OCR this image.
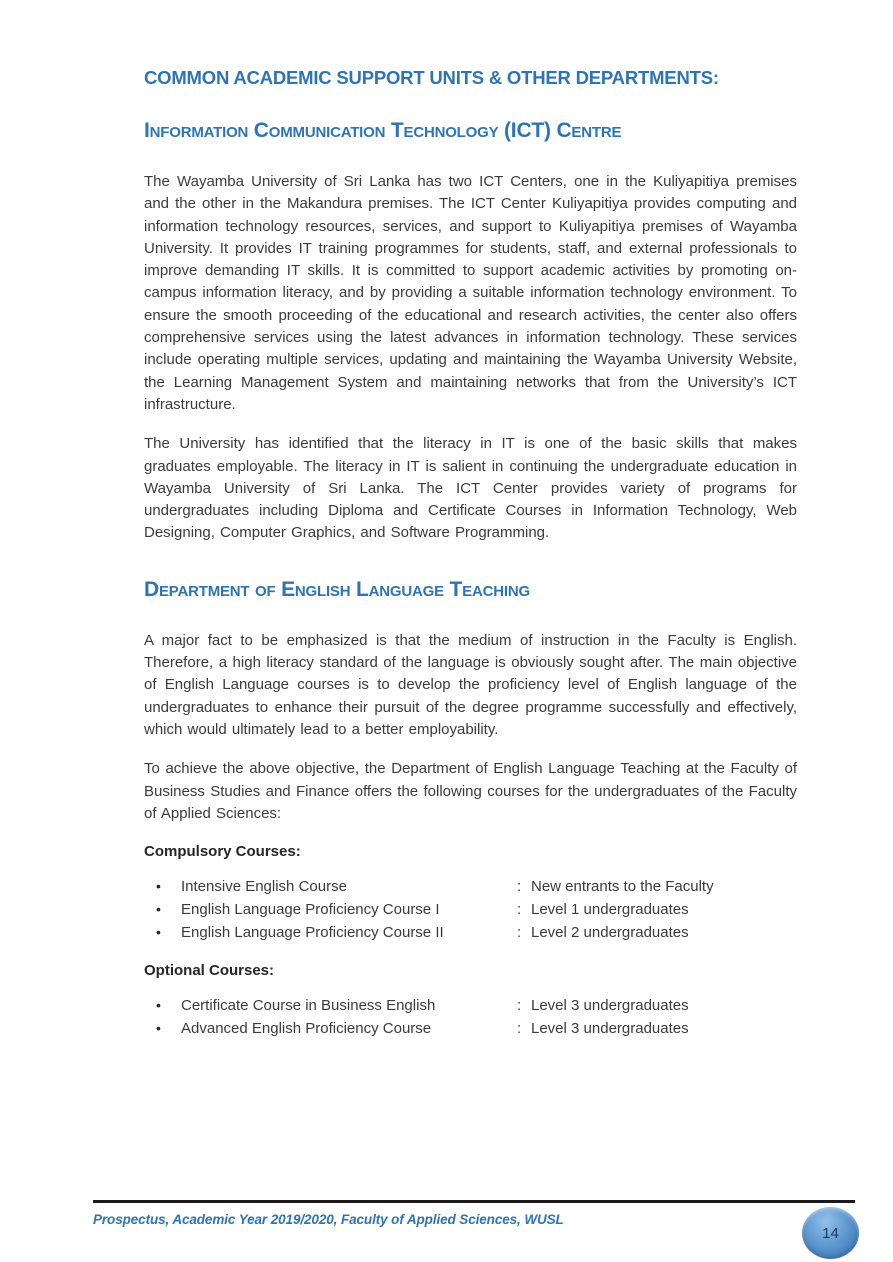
COMMON ACADEMIC SUPPORT UNITS & OTHER DEPARTMENTS:
Information Communication Technology (ICT) Centre

The Wayamba University of Sri Lanka has two ICT Centers, one in the Kuliyapitiya premises and the other in the Makandura premises. The ICT Center Kuliyapitiya provides computing and information technology resources, services, and support to Kuliyapitiya premises of Wayamba University. It provides IT training programmes for students, staff, and external professionals to improve demanding IT skills. It is committed to support academic activities by promoting on-campus information literacy, and by providing a suitable information technology environment. To ensure the smooth proceeding of the educational and research activities, the center also offers comprehensive services using the latest advances in information technology. These services include operating multiple services, updating and maintaining the Wayamba University Website, the Learning Management System and maintaining networks that from the University’s ICT infrastructure.

The University has identified that the literacy in IT is one of the basic skills that makes graduates employable. The literacy in IT is salient in continuing the undergraduate education in Wayamba University of Sri Lanka. The ICT Center provides variety of programs for undergraduates including Diploma and Certificate Courses in Information Technology, Web Designing, Computer Graphics, and Software Programming.

Department of English Language Teaching

A major fact to be emphasized is that the medium of instruction in the Faculty is English. Therefore, a high literacy standard of the language is obviously sought after. The main objective of English Language courses is to develop the proficiency level of English language of the undergraduates to enhance their pursuit of the degree programme successfully and effectively, which would ultimately lead to a better employability.

To achieve the above objective, the Department of English Language Teaching at the Faculty of Business Studies and Finance offers the following courses for the undergraduates of the Faculty of Applied Sciences:

Compulsory Courses:

•	Intensive English Course	: New entrants to the Faculty
•	English Language Proficiency Course I	: Level 1 undergraduates
•	English Language Proficiency Course II	: Level 2 undergraduates

Optional Courses:

•	Certificate Course in Business English	: Level 3 undergraduates
•	Advanced English Proficiency Course	: Level 3 undergraduates
Prospectus, Academic Year 2019/2020, Faculty of Applied Sciences, WUSL
14
